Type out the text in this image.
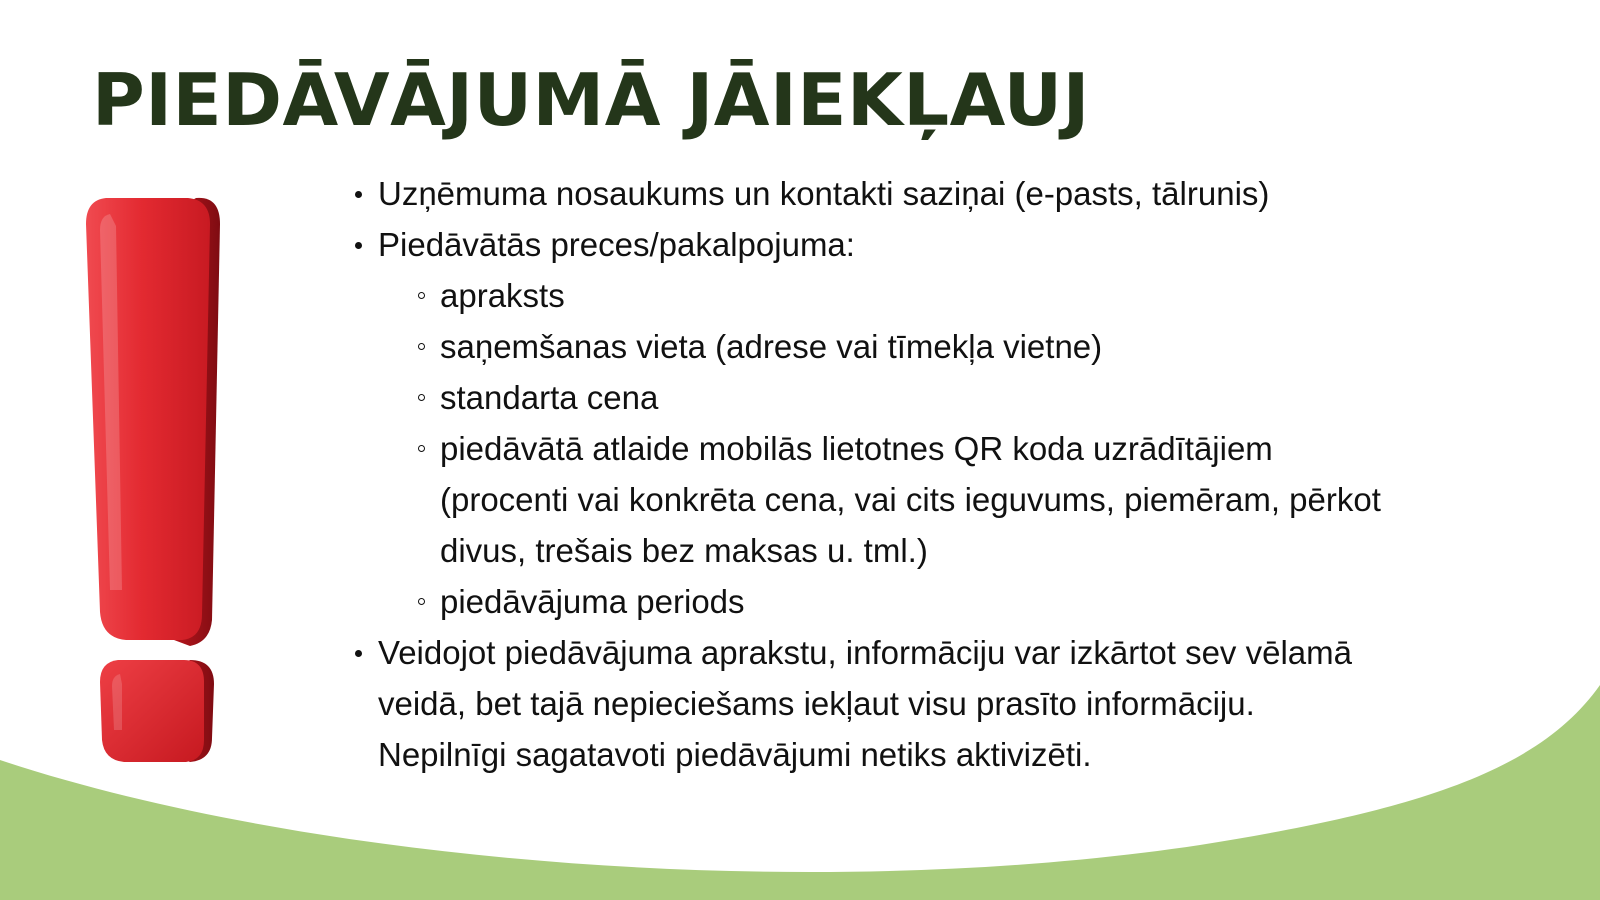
PIEDĀVĀJUMĀ JĀIEKĻAUJ
Uzņēmuma nosaukums un kontakti saziņai (e-pasts, tālrunis)
Piedāvātās preces/pakalpojuma:
apraksts
saņemšanas vieta (adrese vai tīmekļa vietne)
standarta cena
piedāvātā atlaide mobilās lietotnes QR koda uzrādītājiem
(procenti vai konkrēta cena, vai cits ieguvums, piemēram, pērkot
divus, trešais bez maksas u. tml.)
piedāvājuma periods
Veidojot piedāvājuma aprakstu, informāciju var izkārtot sev vēlamā
veidā, bet tajā nepieciešams iekļaut visu prasīto informāciju.
Nepilnīgi sagatavoti piedāvājumi netiks aktivizēti.
